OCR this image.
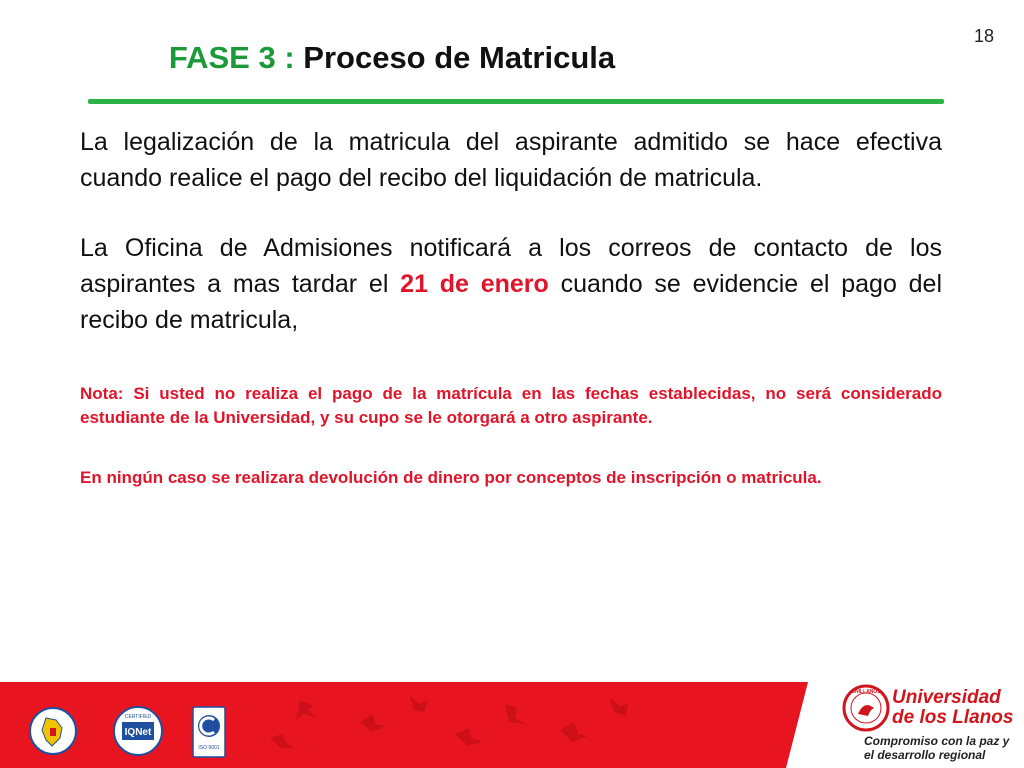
18
FASE 3 : Proceso de Matricula

La legalización de la matricula del aspirante admitido se hace efectiva cuando realice el pago del recibo del liquidación de matricula.

La Oficina de Admisiones notificará a los correos de contacto de los aspirantes a mas tardar el 21 de enero cuando se evidencie el pago del recibo de matricula,

Nota: Si usted no realiza el pago de la matrícula en las fechas establecidas, no será considerado estudiante de la Universidad, y su cupo se le otorgará a otro aspirante.

En ningún caso se realizara devolución de dinero por conceptos de inscripción o matricula.

IQNet
CERTIFIED
ISO 9001
UNILLANOS Universidad
de los Llanos
Compromiso con la paz y
el desarrollo regional
